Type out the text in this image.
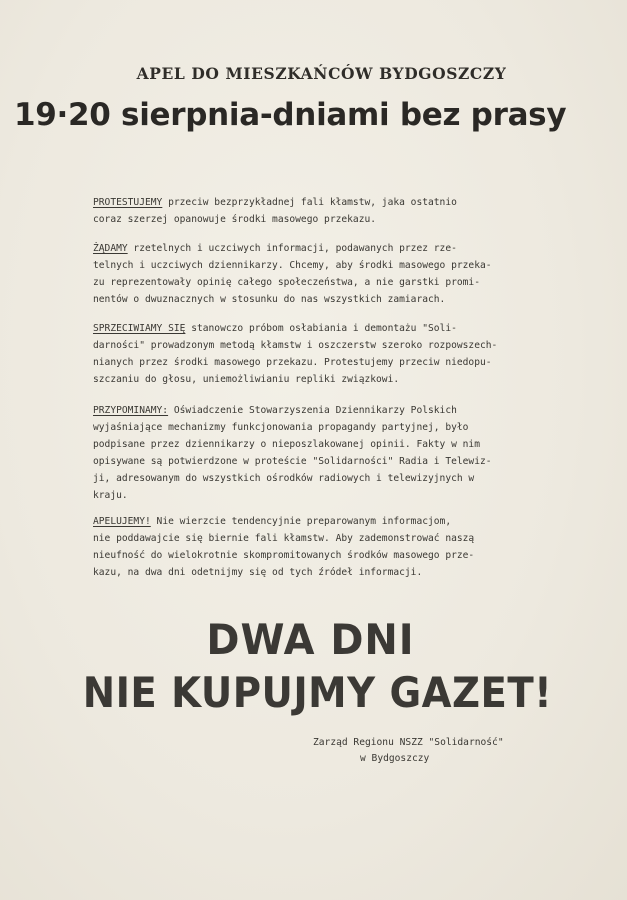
APEL DO MIESZKAŃCÓW BYDGOSZCZY
19·20 sierpnia-dniami bez prasy

PROTESTUJEMY przeciw bezprzykładnej fali kłamstw, jaka ostatnio
coraz szerzej opanowuje środki masowego przekazu.

ŻĄDAMY rzetelnych i uczciwych informacji, podawanych przez rze-
telnych i uczciwych dziennikarzy. Chcemy, aby środki masowego przeka-
zu reprezentowały opinię całego społeczeństwa, a nie garstki promi-
nentów o dwuznacznych w stosunku do nas wszystkich zamiarach.

SPRZECIWIAMY SIĘ stanowczo próbom osłabiania i demontażu "Soli-
darności" prowadzonym metodą kłamstw i oszczerstw szeroko rozpowszech-
nianych przez środki masowego przekazu. Protestujemy przeciw niedopu-
szczaniu do głosu, uniemożliwianiu repliki związkowi.

PRZYPOMINAMY: Oświadczenie Stowarzyszenia Dziennikarzy Polskich
wyjaśniające mechanizmy funkcjonowania propagandy partyjnej, było
podpisane przez dziennikarzy o nieposzlakowanej opinii. Fakty w nim
opisywane są potwierdzone w proteście "Solidarności" Radia i Telewiz-
ji, adresowanym do wszystkich ośrodków radiowych i telewizyjnych w
kraju.

APELUJEMY! Nie wierzcie tendencyjnie preparowanym informacjom,
nie poddawajcie się biernie fali kłamstw. Aby zademonstrować naszą
nieufność do wielokrotnie skompromitowanych środków masowego prze-
kazu, na dwa dni odetnijmy się od tych źródeł informacji.

DWA DNI
NIE KUPUJMY GAZET!
Zarząd Regionu NSZZ "Solidarność"
w Bydgoszczy
